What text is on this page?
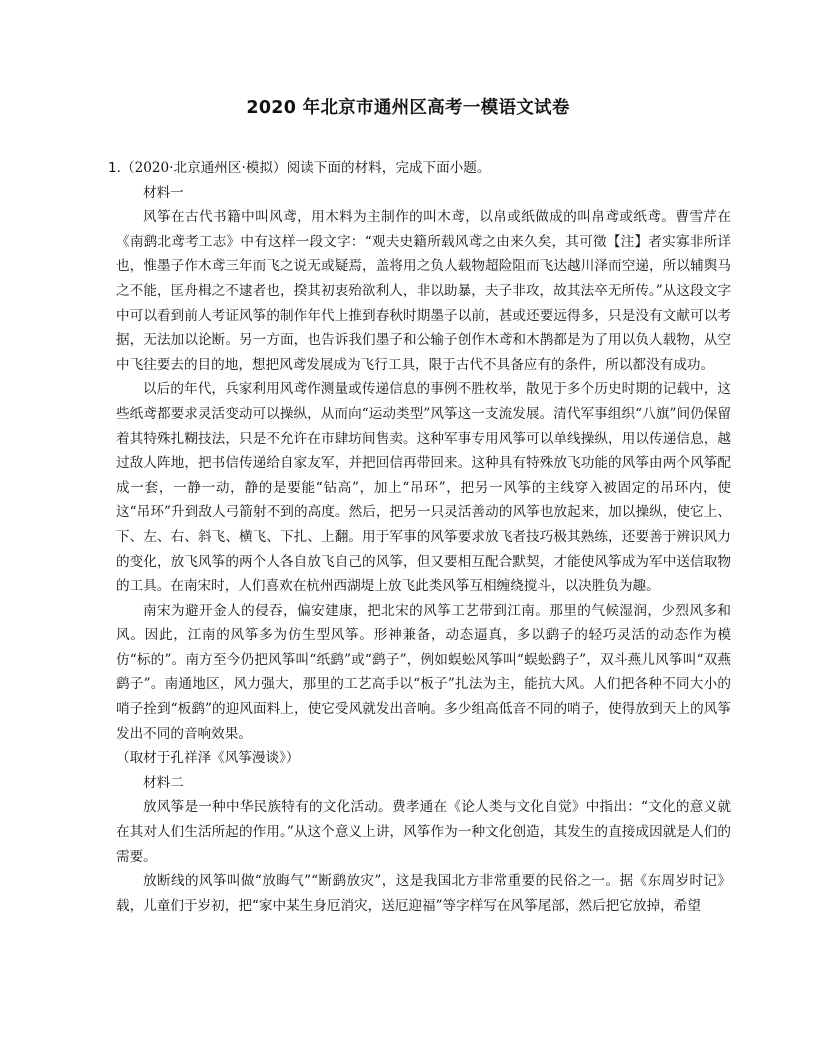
2020 年北京市通州区高考一模语文试卷

1.（2020·北京通州区·模拟）阅读下面的材料，完成下面小题。

材料一

风筝在古代书籍中叫风鸢，用木料为主制作的叫木鸢，以帛或纸做成的叫帛鸢或纸鸢。曹雪芹在《南鹞北鸢考工志》中有这样一段文字：“观夫史籍所载风鸢之由来久矣，其可徵【注】者实寡非所详也，惟墨子作木鸢三年而飞之说无或疑焉，盖将用之负人载物超险阻而飞达越川泽而空递，所以辅舆马之不能，匡舟楫之不逮者也，揆其初衷殆欲利人，非以助暴，夫子非攻，故其法卒无所传。”从这段文字中可以看到前人考证风筝的制作年代上推到春秋时期墨子以前，甚或还要远得多，只是没有文献可以考据，无法加以论断。另一方面，也告诉我们墨子和公输子创作木鸢和木鹊都是为了用以负人载物，从空中飞往要去的目的地，想把风鸢发展成为飞行工具，限于古代不具备应有的条件，所以都没有成功。

以后的年代，兵家利用风鸢作测量或传递信息的事例不胜枚举，散见于多个历史时期的记载中，这些纸鸢都要求灵活变动可以操纵，从而向“运动类型”风筝这一支流发展。清代军事组织“八旗”间仍保留着其特殊扎糊技法，只是不允许在市肆坊间售卖。这种军事专用风筝可以单线操纵，用以传递信息，越过敌人阵地，把书信传递给自家友军，并把回信再带回来。这种具有特殊放飞功能的风筝由两个风筝配成一套，一静一动，静的是要能“钻高”，加上“吊环”，把另一风筝的主线穿入被固定的吊环内，使这“吊环”升到敌人弓箭射不到的高度。然后，把另一只灵活善动的风筝也放起来，加以操纵，使它上、下、左、右、斜飞、横飞、下扎、上翻。用于军事的风筝要求放飞者技巧极其熟练，还要善于辨识风力的变化，放飞风筝的两个人各自放飞自己的风筝，但又要相互配合默契，才能使风筝成为军中送信取物的工具。在南宋时，人们喜欢在杭州西湖堤上放飞此类风筝互相缠绕搅斗，以决胜负为趣。

南宋为避开金人的侵吞，偏安建康，把北宋的风筝工艺带到江南。那里的气候湿润，少烈风多和风。因此，江南的风筝多为仿生型风筝。形神兼备，动态逼真，多以鹞子的轻巧灵活的动态作为模仿“标的”。南方至今仍把风筝叫“纸鹞”或“鹞子”，例如蜈蚣风筝叫“蜈蚣鹞子”，双斗燕儿风筝叫“双燕鹞子”。南通地区，风力强大，那里的工艺高手以“板子”扎法为主，能抗大风。人们把各种不同大小的哨子拴到“板鹞”的迎风面料上，使它受风就发出音响。多少组高低音不同的哨子，使得放到天上的风筝发出不同的音响效果。

（取材于孔祥泽《风筝漫谈》）

材料二

放风筝是一种中华民族特有的文化活动。费孝通在《论人类与文化自觉》中指出：“文化的意义就在其对人们生活所起的作用。”从这个意义上讲，风筝作为一种文化创造，其发生的直接成因就是人们的需要。

放断线的风筝叫做“放晦气”“断鹞放灾”，这是我国北方非常重要的民俗之一。据《东周岁时记》载，儿童们于岁初，把“家中某生身厄消灾，送厄迎福”等字样写在风筝尾部，然后把它放掉，希望
